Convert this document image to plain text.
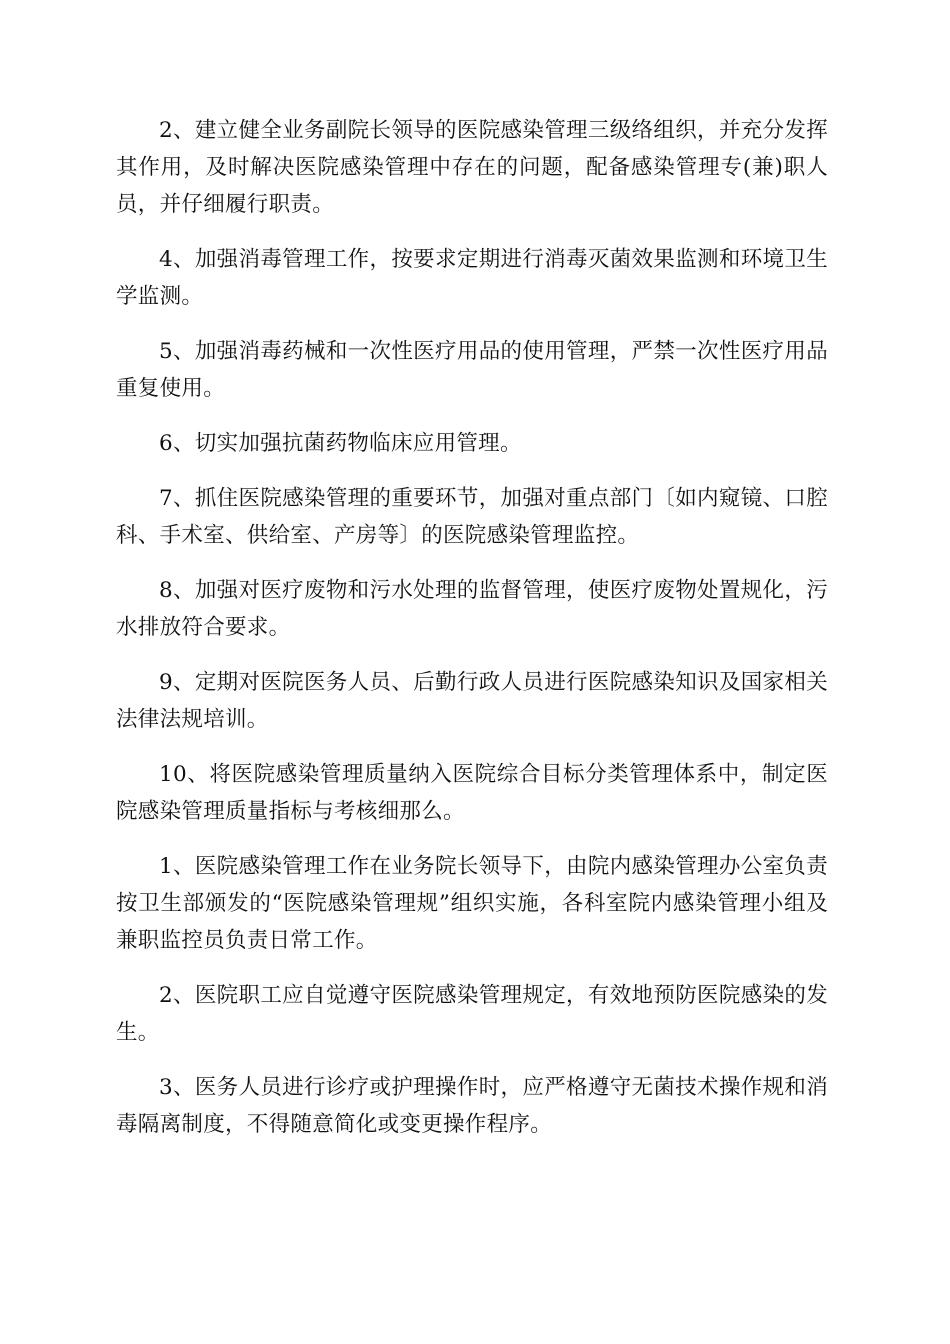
2、建立健全业务副院长领导的医院感染管理三级络组织，并充分发挥其作用，及时解决医院感染管理中存在的问题，配备感染管理专(兼)职人员，并仔细履行职责。

4、加强消毒管理工作，按要求定期进行消毒灭菌效果监测和环境卫生学监测。

5、加强消毒药械和一次性医疗用品的使用管理，严禁一次性医疗用品重复使用。

6、切实加强抗菌药物临床应用管理。

7、抓住医院感染管理的重要环节，加强对重点部门〔如内窥镜、口腔科、手术室、供给室、产房等〕的医院感染管理监控。

8、加强对医疗废物和污水处理的监督管理，使医疗废物处置规化，污水排放符合要求。

9、定期对医院医务人员、后勤行政人员进行医院感染知识及国家相关法律法规培训。

10、将医院感染管理质量纳入医院综合目标分类管理体系中，制定医院感染管理质量指标与考核细那么。

1、医院感染管理工作在业务院长领导下，由院内感染管理办公室负责按卫生部颁发的“医院感染管理规”组织实施，各科室院内感染管理小组及兼职监控员负责日常工作。

2、医院职工应自觉遵守医院感染管理规定，有效地预防医院感染的发生。

3、医务人员进行诊疗或护理操作时，应严格遵守无菌技术操作规和消毒隔离制度，不得随意简化或变更操作程序。
